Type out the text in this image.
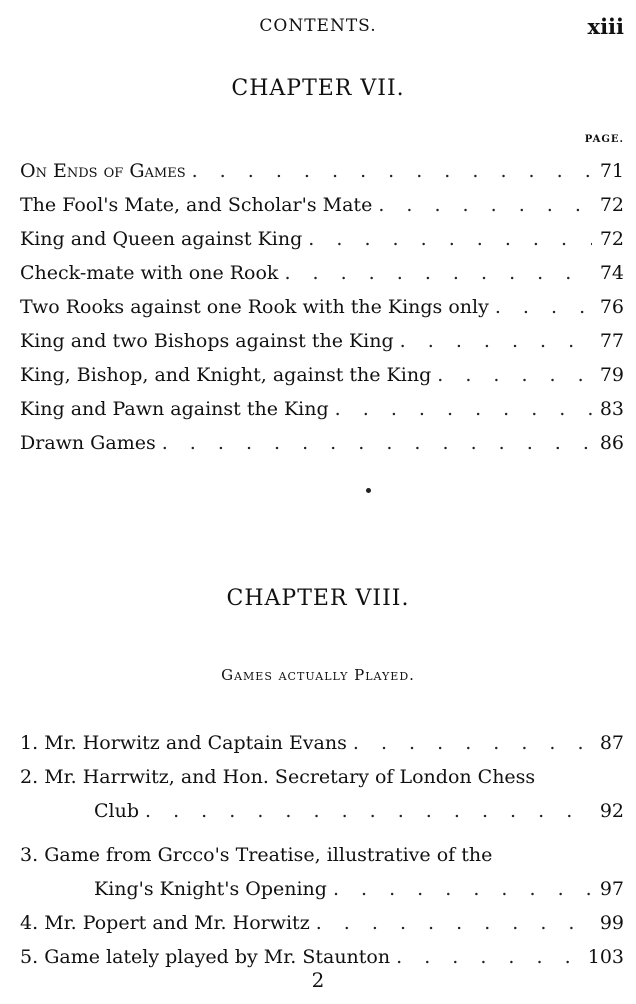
CONTENTS.	xiii
CHAPTER VII.
PAGE.
On Ends of Games . . .	71
The Fool's Mate, and Scholar's Mate . . .	72
King and Queen against King . . .	72
Check-mate with one Rook . . .	74
Two Rooks against one Rook with the Kings only . . .	76
King and two Bishops against the King . . .	77
King, Bishop, and Knight, against the King . . .	79
King and Pawn against the King . . .	83
Drawn Games . . .	86
CHAPTER VIII.
Games actually Played.
1. Mr. Horwitz and Captain Evans . . .	87
2. Mr. Harrwitz, and Hon. Secretary of London Chess
Club . . .	92
3. Game from Grcco's Treatise, illustrative of the
King's Knight's Opening . . .	97
4. Mr. Popert and Mr. Horwitz . . .	99
5. Game lately played by Mr. Staunton . . .	103
2
